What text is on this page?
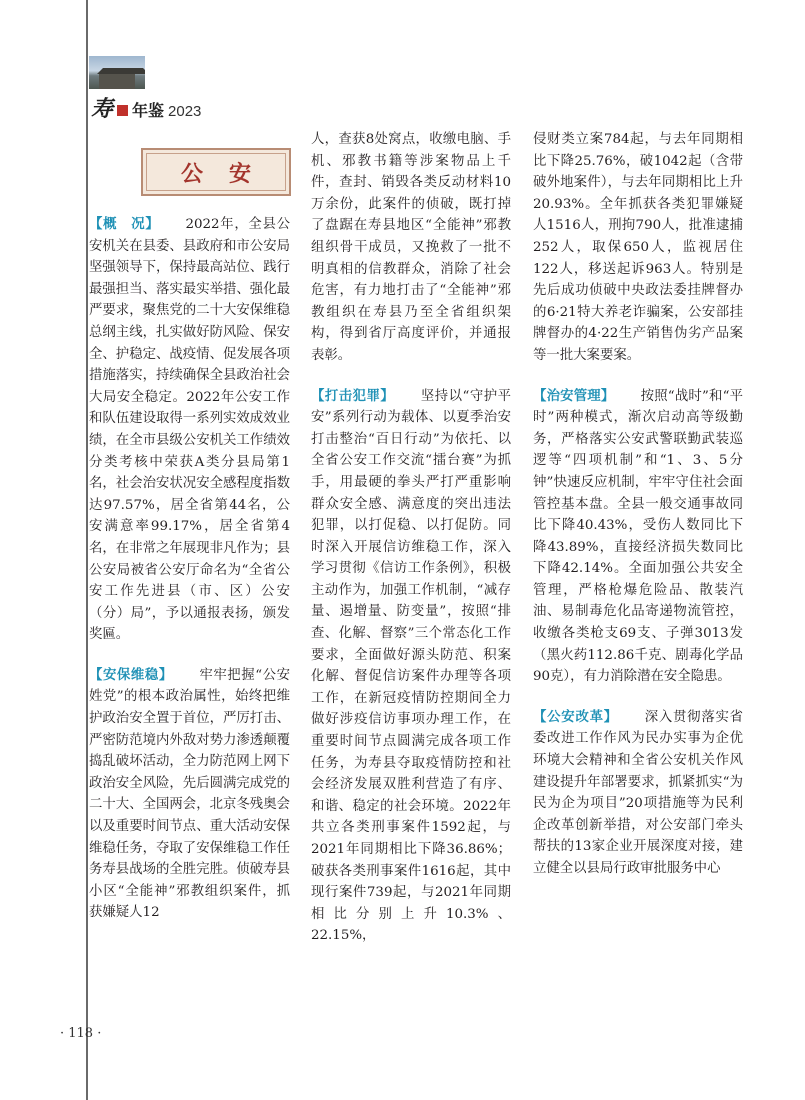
寿 年鉴 2023
公安

【概　况】 2022年，全县公安机关在县委、县政府和市公安局坚强领导下，保持最高站位、践行最强担当、落实最实举措、强化最严要求，聚焦党的二十大安保维稳总纲主线，扎实做好防风险、保安全、护稳定、战疫情、促发展各项措施落实，持续确保全县政治社会大局安全稳定。2022年公安工作和队伍建设取得一系列实效成效业绩，在全市县级公安机关工作绩效分类考核中荣获A类分县局第1名，社会治安状况安全感程度指数达97.57%，居全省第44名，公安满意率99.17%，居全省第4名，在非常之年展现非凡作为；县公安局被省公安厅命名为“全省公安工作先进县（市、区）公安（分）局”，予以通报表扬，颁发奖匾。

【安保维稳】 牢牢把握“公安姓党”的根本政治属性，始终把维护政治安全置于首位，严厉打击、严密防范境内外敌对势力渗透颠覆捣乱破坏活动，全力防范网上网下政治安全风险，先后圆满完成党的二十大、全国两会，北京冬残奥会以及重要时间节点、重大活动安保维稳任务，夺取了安保维稳工作任务寿县战场的全胜完胜。侦破寿县小区“全能神”邪教组织案件，抓获嫌疑人12

人，查获8处窝点，收缴电脑、手机、邪教书籍等涉案物品上千件，查封、销毁各类反动材料10万余份，此案件的侦破，既打掉了盘踞在寿县地区“全能神”邪教组织骨干成员，又挽救了一批不明真相的信教群众，消除了社会危害，有力地打击了“全能神”邪教组织在寿县乃至全省组织架构，得到省厅高度评价，并通报表彰。

【打击犯罪】 坚持以“守护平安”系列行动为载体、以夏季治安打击整治“百日行动”为依托、以全省公安工作交流“擂台赛”为抓手，用最硬的拳头严打严重影响群众安全感、满意度的突出违法犯罪，以打促稳、以打促防。同时深入开展信访维稳工作，深入学习贯彻《信访工作条例》，积极主动作为，加强工作机制，“减存量、遏增量、防变量”，按照“排查、化解、督察”三个常态化工作要求，全面做好源头防范、积案化解、督促信访案件办理等各项工作，在新冠疫情防控期间全力做好涉疫信访事项办理工作，在重要时间节点圆满完成各项工作任务，为寿县夺取疫情防控和社会经济发展双胜利营造了有序、和谐、稳定的社会环境。2022年共立各类刑事案件1592起，与2021年同期相比下降36.86%；破获各类刑事案件1616起，其中现行案件739起，与2021年同期相比分别上升10.3%、22.15%，

侵财类立案784起，与去年同期相比下降25.76%，破1042起（含带破外地案件），与去年同期相比上升20.93%。全年抓获各类犯罪嫌疑人1516人，刑拘790人，批准逮捕252人，取保650人，监视居住122人，移送起诉963人。特别是先后成功侦破中央政法委挂牌督办的6·21特大养老诈骗案，公安部挂牌督办的4·22生产销售伪劣产品案等一批大案要案。

【治安管理】 按照“战时”和“平时”两种模式，渐次启动高等级勤务，严格落实公安武警联勤武装巡逻等“四项机制”和“1、3、5分钟”快速反应机制，牢牢守住社会面管控基本盘。全县一般交通事故同比下降40.43%，受伤人数同比下降43.89%，直接经济损失数同比下降42.14%。全面加强公共安全管理，严格枪爆危险品、散装汽油、易制毒危化品寄递物流管控，收缴各类枪支69支、子弹3013发（黑火药112.86千克、剧毒化学品90克），有力消除潜在安全隐患。

【公安改革】 深入贯彻落实省委改进工作作风为民办实事为企优环境大会精神和全省公安机关作风建设提升年部署要求，抓紧抓实“为民为企为项目”20项措施等为民利企改革创新举措，对公安部门牵头帮扶的13家企业开展深度对接，建立健全以县局行政审批服务中心

· 118 ·
